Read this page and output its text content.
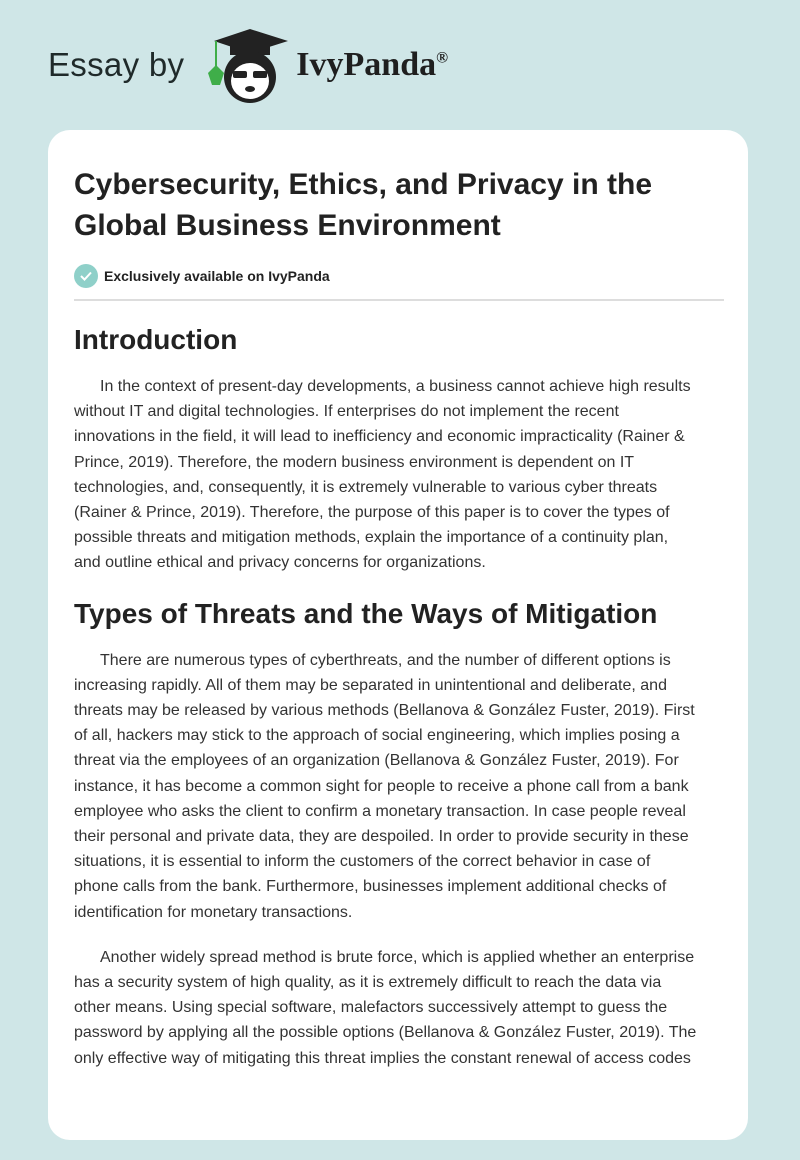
Essay by	IvyPanda®
Cybersecurity, Ethics, and Privacy in the
Global Business Environment
Exclusively available on IvyPanda
Introduction

In the context of present-day developments, a business cannot achieve high results
without IT and digital technologies. If enterprises do not implement the recent
innovations in the field, it will lead to inefficiency and economic impracticality (Rainer &
Prince, 2019). Therefore, the modern business environment is dependent on IT
technologies, and, consequently, it is extremely vulnerable to various cyber threats
(Rainer & Prince, 2019). Therefore, the purpose of this paper is to cover the types of
possible threats and mitigation methods, explain the importance of a continuity plan,
and outline ethical and privacy concerns for organizations.

Types of Threats and the Ways of Mitigation

There are numerous types of cyberthreats, and the number of different options is
increasing rapidly. All of them may be separated in unintentional and deliberate, and
threats may be released by various methods (Bellanova & González Fuster, 2019). First
of all, hackers may stick to the approach of social engineering, which implies posing a
threat via the employees of an organization (Bellanova & González Fuster, 2019). For
instance, it has become a common sight for people to receive a phone call from a bank
employee who asks the client to confirm a monetary transaction. In case people reveal
their personal and private data, they are despoiled. In order to provide security in these
situations, it is essential to inform the customers of the correct behavior in case of
phone calls from the bank. Furthermore, businesses implement additional checks of
identification for monetary transactions.

Another widely spread method is brute force, which is applied whether an enterprise
has a security system of high quality, as it is extremely difficult to reach the data via
other means. Using special software, malefactors successively attempt to guess the
password by applying all the possible options (Bellanova & González Fuster, 2019). The
only effective way of mitigating this threat implies the constant renewal of access codes
